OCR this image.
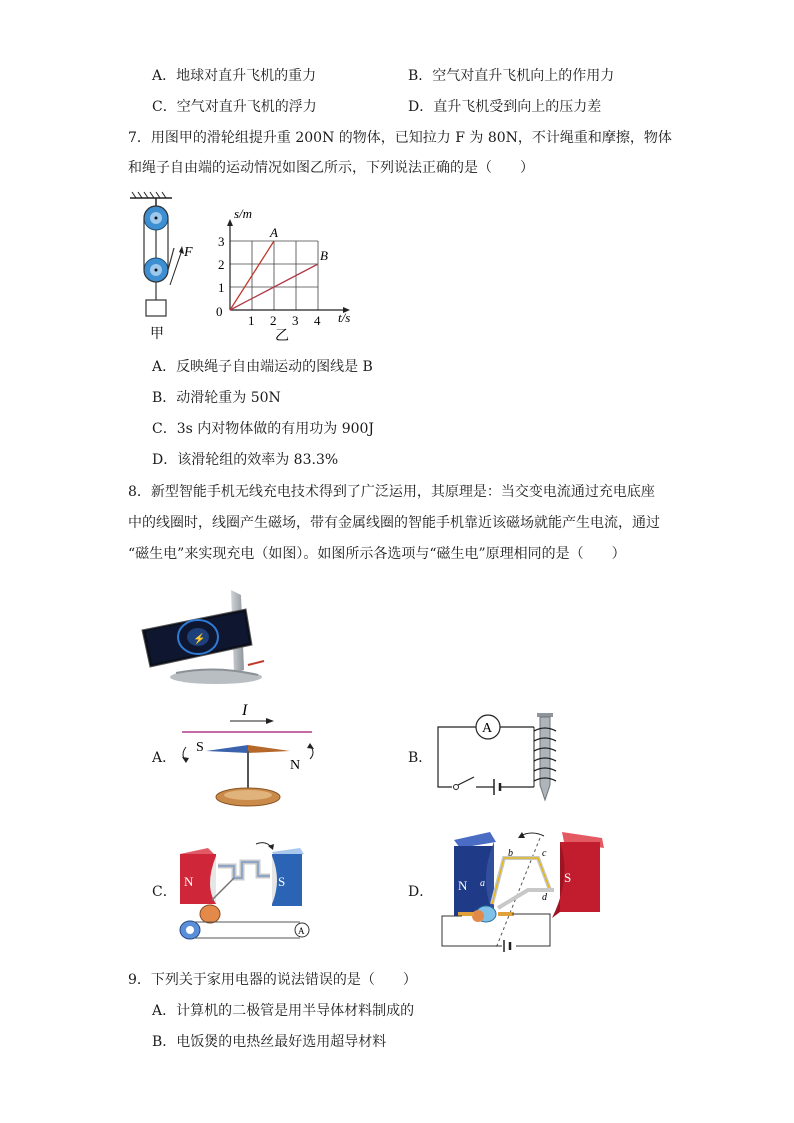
A．地球对直升飞机的重力	B．空气对直升飞机向上的作用力
C．空气对直升飞机的浮力	D．直升飞机受到向上的压力差
7．用图甲的滑轮组提升重 200N 的物体，已知拉力 F 为 80N，不计绳重和摩擦，物体
和绳子自由端的运动情况如图乙所示，下列说法正确的是（　　）
F
甲
1 2 3 4
1
2
3
A
B
s/m
t/s
0
乙
A．反映绳子自由端运动的图线是 B
B．动滑轮重为 50N
C．3s 内对物体做的有用功为 900J
D．该滑轮组的效率为 83.3%
8．新型智能手机无线充电技术得到了广泛运用，其原理是：当交变电流通过充电底座
中的线圈时，线圈产生磁场，带有金属线圈的智能手机靠近该磁场就能产生电流，通过
“磁生电”来实现充电（如图）。如图所示各选项与“磁生电”原理相同的是（　　）
⚡
A．
I
S
N	B．
A
C．
N	S
A
D． N
S
a
b	c
d
9．下列关于家用电器的说法错误的是（　　）
A．计算机的二极管是用半导体材料制成的
B．电饭煲的电热丝最好选用超导材料
